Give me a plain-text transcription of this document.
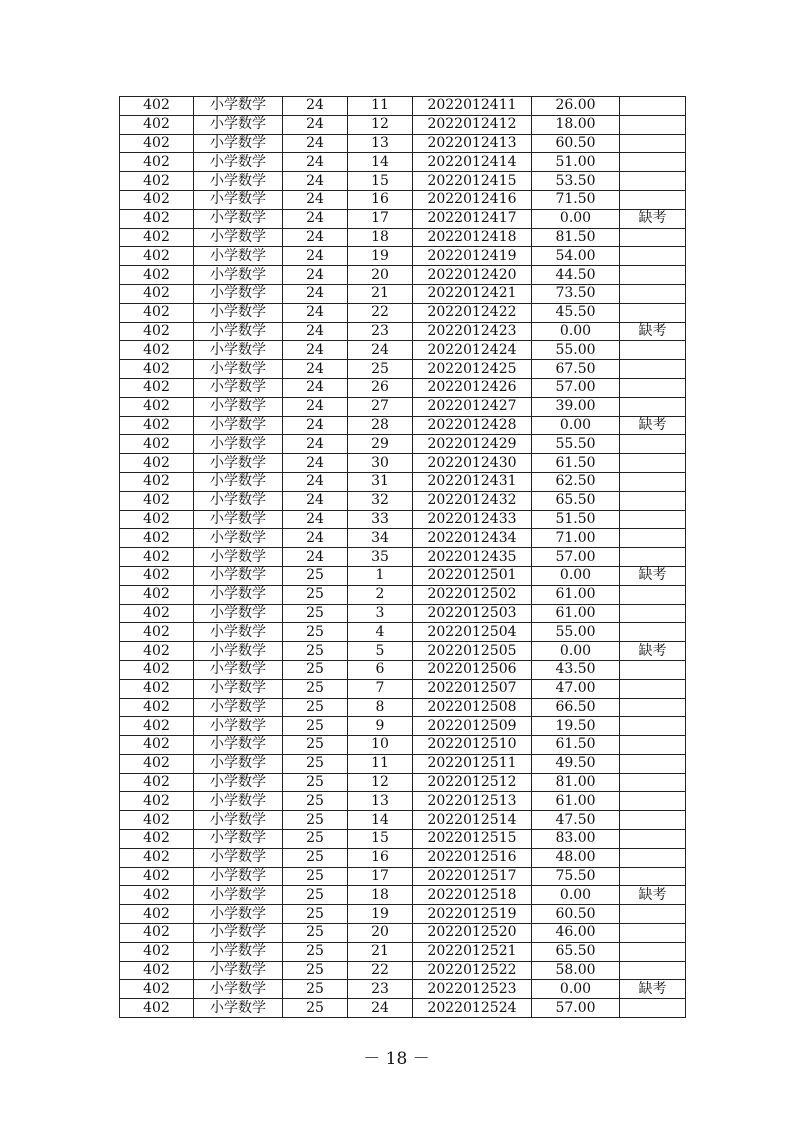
402	小学数学	24	11	2022012411	26.00	
402	小学数学	24	12	2022012412	18.00	
402	小学数学	24	13	2022012413	60.50	
402	小学数学	24	14	2022012414	51.00	
402	小学数学	24	15	2022012415	53.50	
402	小学数学	24	16	2022012416	71.50	
402	小学数学	24	17	2022012417	0.00	缺考
402	小学数学	24	18	2022012418	81.50	
402	小学数学	24	19	2022012419	54.00	
402	小学数学	24	20	2022012420	44.50	
402	小学数学	24	21	2022012421	73.50	
402	小学数学	24	22	2022012422	45.50	
402	小学数学	24	23	2022012423	0.00	缺考
402	小学数学	24	24	2022012424	55.00	
402	小学数学	24	25	2022012425	67.50	
402	小学数学	24	26	2022012426	57.00	
402	小学数学	24	27	2022012427	39.00	
402	小学数学	24	28	2022012428	0.00	缺考
402	小学数学	24	29	2022012429	55.50	
402	小学数学	24	30	2022012430	61.50	
402	小学数学	24	31	2022012431	62.50	
402	小学数学	24	32	2022012432	65.50	
402	小学数学	24	33	2022012433	51.50	
402	小学数学	24	34	2022012434	71.00	
402	小学数学	24	35	2022012435	57.00	
402	小学数学	25	1	2022012501	0.00	缺考
402	小学数学	25	2	2022012502	61.00	
402	小学数学	25	3	2022012503	61.00	
402	小学数学	25	4	2022012504	55.00	
402	小学数学	25	5	2022012505	0.00	缺考
402	小学数学	25	6	2022012506	43.50	
402	小学数学	25	7	2022012507	47.00	
402	小学数学	25	8	2022012508	66.50	
402	小学数学	25	9	2022012509	19.50	
402	小学数学	25	10	2022012510	61.50	
402	小学数学	25	11	2022012511	49.50	
402	小学数学	25	12	2022012512	81.00	
402	小学数学	25	13	2022012513	61.00	
402	小学数学	25	14	2022012514	47.50	
402	小学数学	25	15	2022012515	83.00	
402	小学数学	25	16	2022012516	48.00	
402	小学数学	25	17	2022012517	75.50	
402	小学数学	25	18	2022012518	0.00	缺考
402	小学数学	25	19	2022012519	60.50	
402	小学数学	25	20	2022012520	46.00	
402	小学数学	25	21	2022012521	65.50	
402	小学数学	25	22	2022012522	58.00	
402	小学数学	25	23	2022012523	0.00	缺考
402	小学数学	25	24	2022012524	57.00	
－ 18 －
